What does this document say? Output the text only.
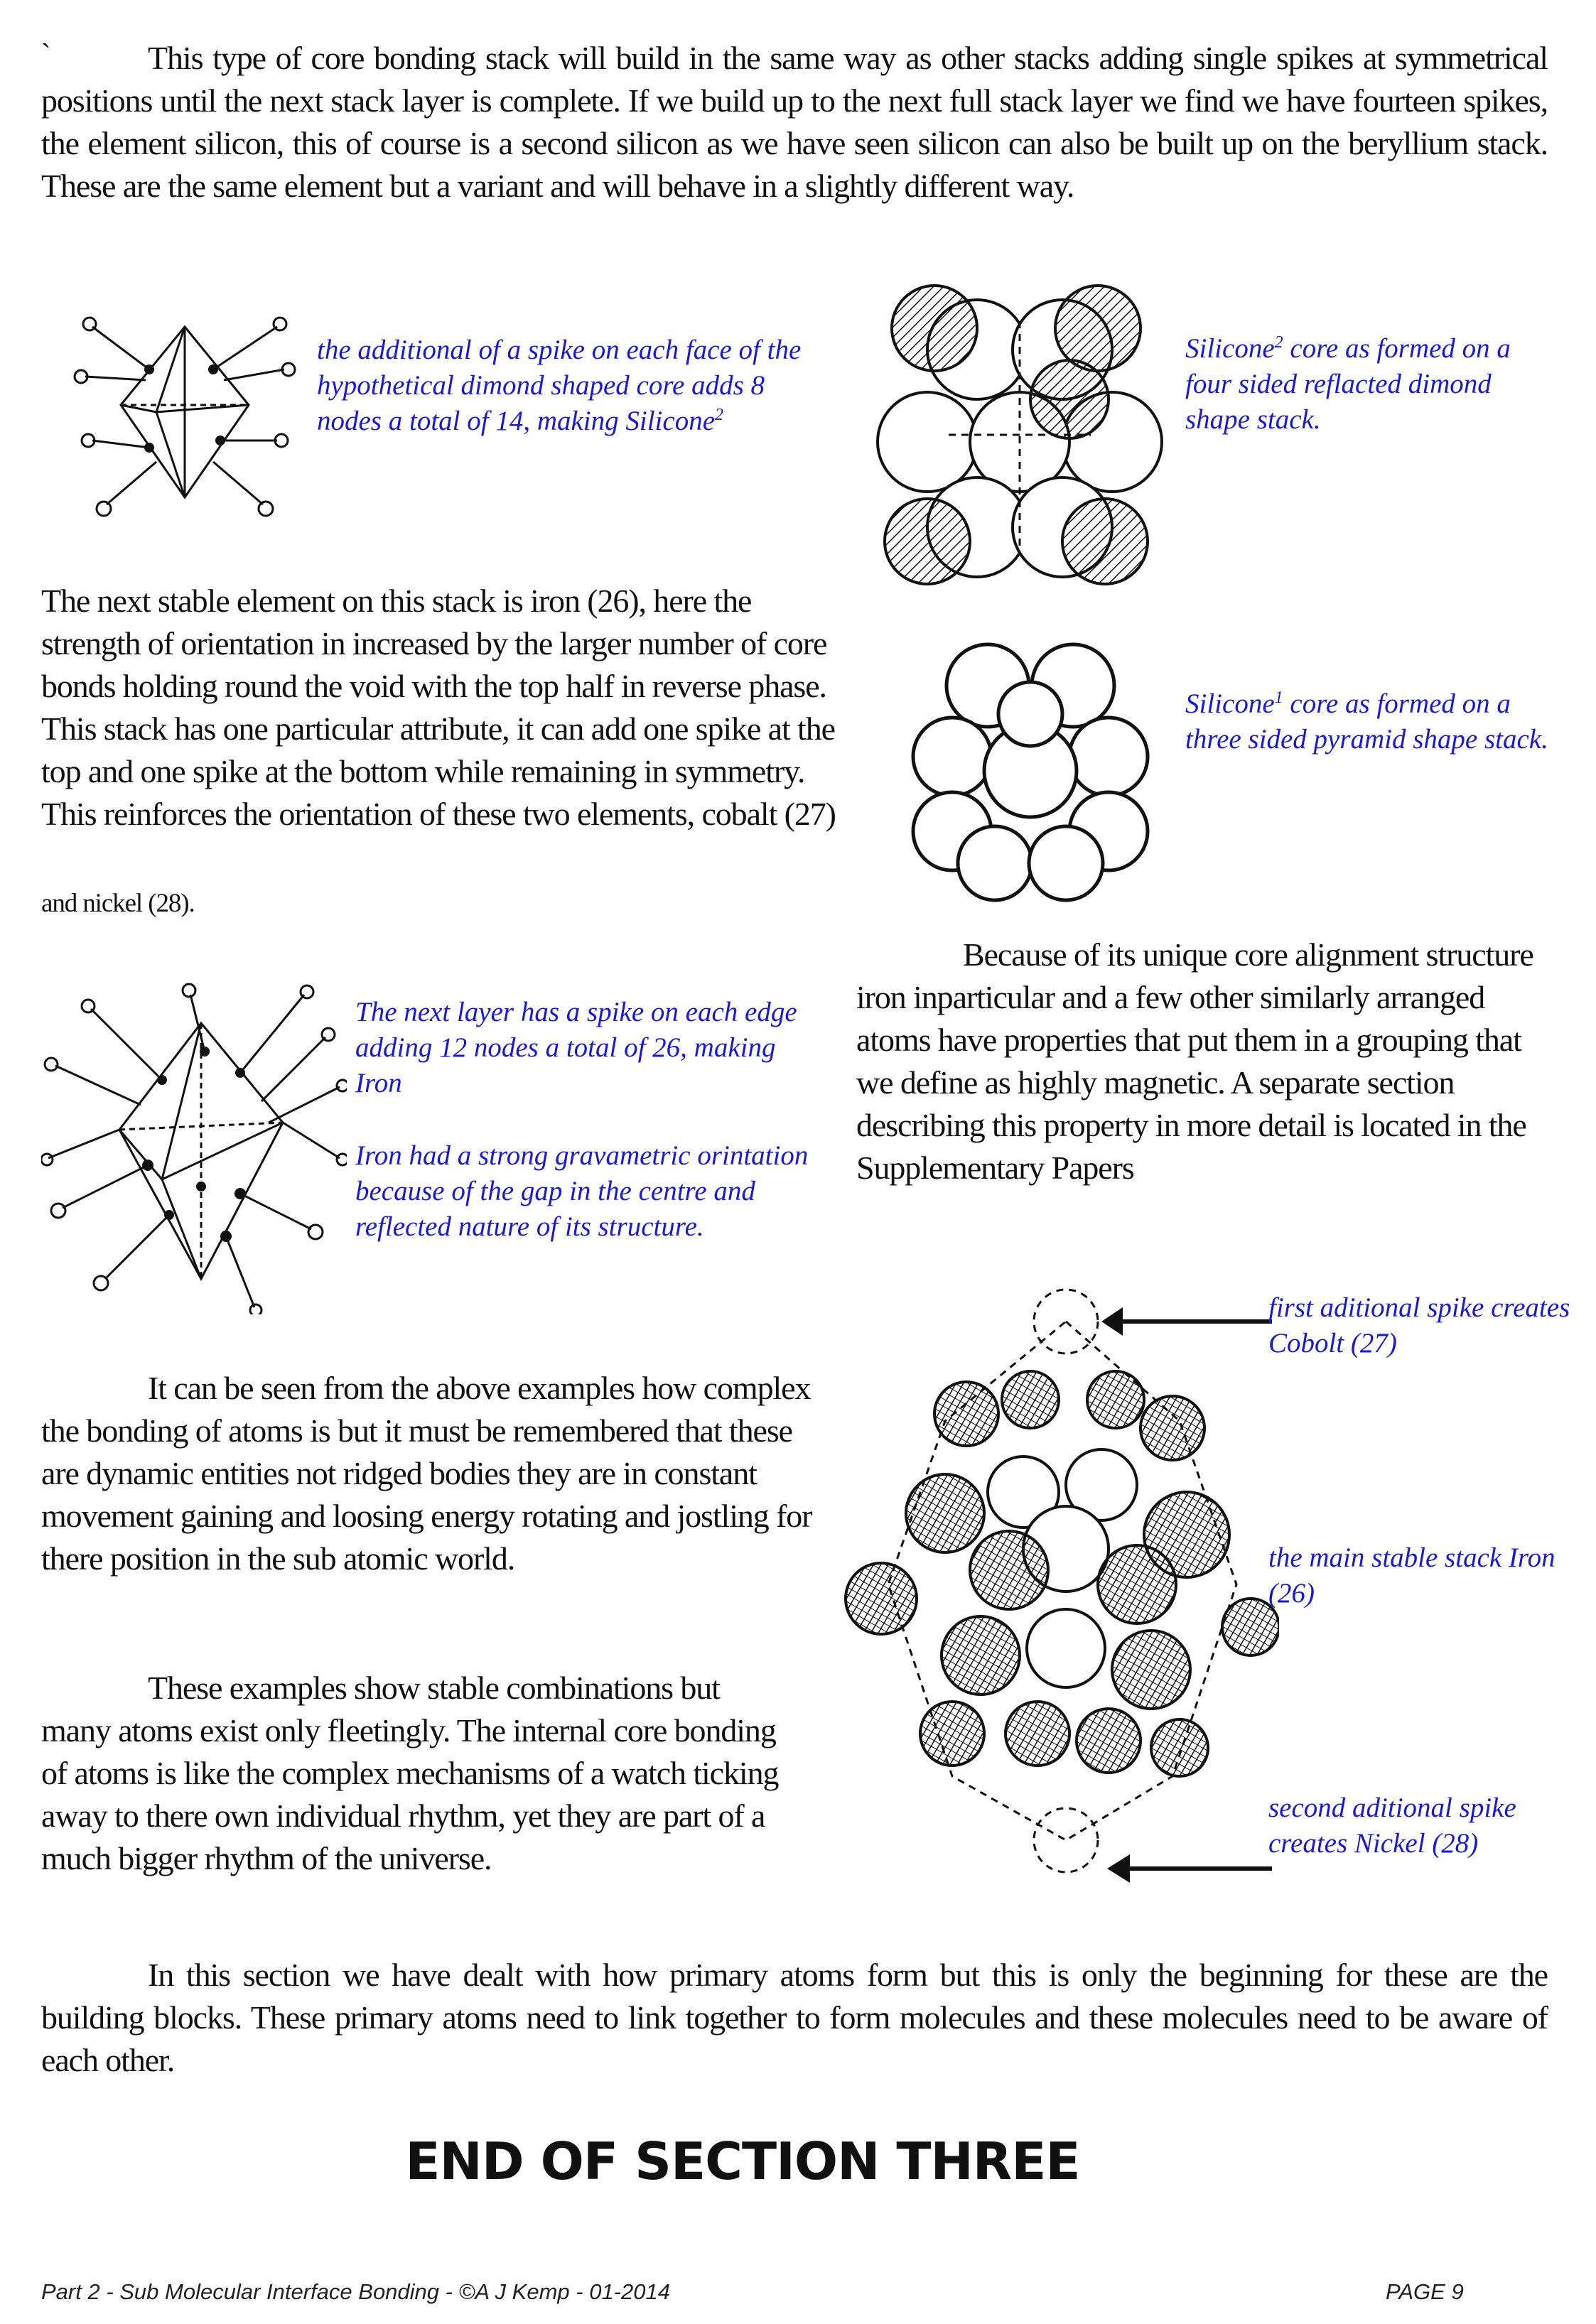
`	This type of core bonding stack will build in the same way as other stacks adding single spikes at symmetrical positions until the next stack layer is complete. If we build up to the next full stack layer we find we have fourteen spikes, the element silicon, this of course is a second silicon as we have seen silicon can also be built up on the beryllium stack. These are the same element but a variant and will behave in a slightly different way.

the additional of a spike on each face of the hypothetical dimond shaped core adds 8 nodes a total of 14, making Silicone$^2$

Silicone$^2$ core as formed on a four sided reflacted dimond shape stack.

Silicone$^1$ core as formed on a three sided pyramid shape stack.

The next stable element on this stack is iron (26), here the strength of orientation in increased by the larger number of core bonds holding round the void with the top half in reverse phase. This stack has one particular attribute, it can add one spike at the top and one spike at the bottom while remaining in symmetry. This reinforces the orientation of these two elements, cobalt (27)

and nickel (28).

Because of its unique core alignment structure iron inparticular and a few other similarly arranged atoms have properties that put them in a grouping that we define as highly magnetic. A separate section describing this property in more detail is located in the Supplementary Papers

The next layer has a spike on each edge adding 12 nodes a total of 26, making Iron

Iron had a strong gravametric orintation because of the gap in the centre and reflected nature of its structure.

It can be seen from the above examples how complex the bonding of atoms is but it must be remembered that these are dynamic entities not ridged bodies they are in constant movement gaining and loosing energy rotating and jostling for there position in the sub atomic world.

These examples show stable combinations but many atoms exist only fleetingly. The internal core bonding of atoms is like the complex mechanisms of a watch ticking away to there own individual rhythm, yet they are part of a much bigger rhythm of the universe.

first aditional spike creates Cobolt (27)

the main stable stack Iron (26)

second aditional spike creates Nickel (28)

In this section we have dealt with how primary atoms form but this is only the beginning for these are the building blocks. These primary atoms need to link together to form molecules and these molecules need to be aware of each other.

END OF SECTION THREE

Part 2 - Sub Molecular Interface Bonding - ©A J Kemp - 01-2014	PAGE 9
